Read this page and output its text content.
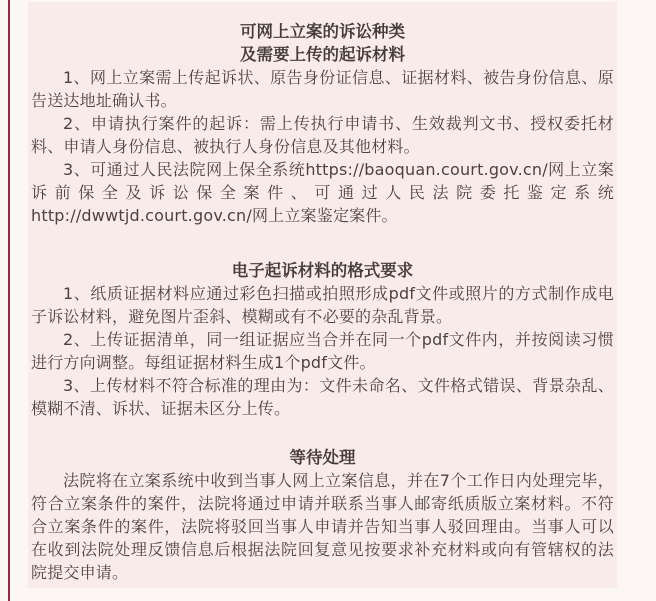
可网上立案的诉讼种类
及需要上传的起诉材料

1、网上立案需上传起诉状、原告身份证信息、证据材料、被告身份信息、原告送达地址确认书。

2、申请执行案件的起诉：需上传执行申请书、生效裁判文书、授权委托材料、申请人身份信息、被执行人身份信息及其他材料。

3、可通过人民法院网上保全系统https://baoquan.court.gov.cn/网上立案诉前保全及诉讼保全案件、可通过人民法院委托鉴定系统http://dwwtjd.court.gov.cn/网上立案鉴定案件。

电子起诉材料的格式要求

1、纸质证据材料应通过彩色扫描或拍照形成pdf文件或照片的方式制作成电子诉讼材料，避免图片歪斜、模糊或有不必要的杂乱背景。

2、上传证据清单，同一组证据应当合并在同一个pdf文件内，并按阅读习惯进行方向调整。每组证据材料生成1个pdf文件。

3、上传材料不符合标准的理由为：文件未命名、文件格式错误、背景杂乱、模糊不清、诉状、证据未区分上传。

等待处理

法院将在立案系统中收到当事人网上立案信息，并在7个工作日内处理完毕，符合立案条件的案件，法院将通过申请并联系当事人邮寄纸质版立案材料。不符合立案条件的案件，法院将驳回当事人申请并告知当事人驳回理由。当事人可以在收到法院处理反馈信息后根据法院回复意见按要求补充材料或向有管辖权的法院提交申请。
